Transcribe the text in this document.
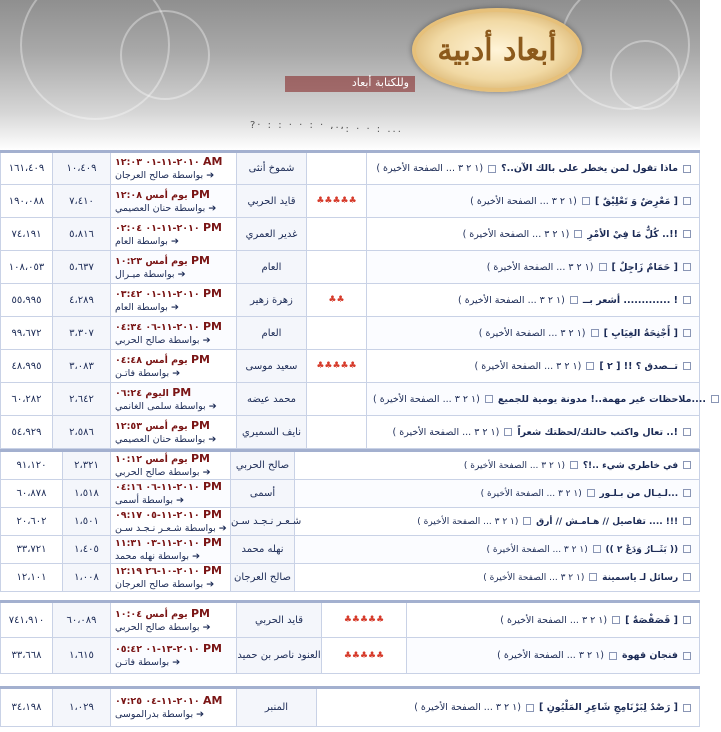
وللكتابة أبعاد
أبعاد أدبية
?· : : · · : · ...
· ·: · · : ...
١٦١،٤٠٩	١٠،٤٠٩	٢٠١٠-١١-٠١ ١٢:٠٣ AM
بواسطة صالح العرجان ➔	شموخ أنثى		( ١ ٢ ٣ ... الصفحة الأخيرة) ماذا تقول لمن يخطر على بالك الآن..؟
١٩٠،٠٨٨	٧،٤١٠	يوم أمس ١٢:٠٨ PM
بواسطة حنان العصيمي ➔	قايد الحربي	♣♣♣♣♣	( ١ ٢ ٣ ... الصفحة الأخيرة) [ مَعْرِضٌ وَ تَعْلِيْقٌ ]
٧٤،١٩١	٥،٨١٦	٢٠١٠-١١-٠١ ٠٢:٠٤ PM
بواسطة العام ➔	غدير العمري		( ١ ٢ ٣ ... الصفحة الأخيرة) كُلٌّ مَا فِيْ الأمْرِ ..!!
١٠٨،٠٥٣	٥،٦٣٧	يوم أمس ١٠:٢٣ PM
بواسطة ميـرال ➔	العام		( ١ ٢ ٣ ... الصفحة الأخيرة) [ حَمَامٌ زَاجِلٌ ]
٥٥،٩٩٥	٤،٢٨٩	٢٠١٠-١١-٠١ ٠٣:٤٢ PM
بواسطة العام ➔	زهرة زهير	♣♣	( ١ ٢ ٣ ... الصفحة الأخيرة) أشعر بــ ............. !
٩٩،٦٧٢	٣،٣٠٧	٢٠١٠-١١-٠٦ ٠٤:٣٤ PM
بواسطة صالح الحربي ➔	العام		( ١ ٢ ٣ ... الصفحة الأخيرة) [ أَجْنِحَةُ الغِيَابِ ]
٤٨،٩٩٥	٣،٠٨٣	يوم أمس ٠٤:٤٨ PM
بواسطة فاتـن ➔	سعيد موسى	♣♣♣♣♣	( ١ ٢ ٣ ... الصفحة الأخيرة) تــصدق ؟ !! [ ٢ ]
٦٠،٢٨٢	٢،٦٤٢	اليوم ٠٦:٢٤ PM
بواسطة سلمى الغانمي ➔	محمد عيضه		( ١ ٢ ٣ ... الصفحة الأخيرة) ملاحظات غير مهمة..! مدونة يومية للجميع....
٥٤،٩٢٩	٢،٥٨٦	يوم أمس ١٢:٥٣ PM
بواسطة حنان العصيمي ➔	نايف السميري		( ١ ٢ ٣ ... الصفحة الأخيرة) تعال واكتب حالتك/لحظتك شعراً ..!
٩١،١٢٠	٢،٣٢١	يوم أمس ١٠:١٢ PM
بواسطة صالح الحربي ➔	صالح الحربي	( ١ ٢ ٣ ... الصفحة الأخيرة) في خاطري شيء ..!؟
٦٠،٨٧٨	١،٥١٨	٢٠١٠-١١-٠٦ ٠٤:١٦ PM
بواسطة أسمى ➔	أسمى	( ١ ٢ ٣ ... الصفحة الأخيرة) لـيـال من بـلـور...
٢٠،٦٠٢	١،٥٠١	٢٠١٠-١١-٠٥ ٠٩:١٧ PM
بواسطة شـعـر نـجـد سـن ➔	شـعـر نـجـد سـن	( ١ ٢ ٣ ... الصفحة الأخيرة) تفاصيل // هـامـش // أرق .... !!!
٣٣،٧٢١	١،٤٠٥	٢٠١٠-١١-٠٣ ١١:٣١ PM
بواسطة نهله محمد ➔	نهله محمد	( ١ ٢ ٣ ... الصفحة الأخيرة) (( بَثَــارُ وَدَعْ ٢ ))
١٢،١٠١	١،٠٠٨	٢٠١٠-١٠-٢٦ ١٢:١٩ PM
بواسطة صالح العرجان ➔	صالح العرجان	( ١ ٢ ٣ ... الصفحة الأخيرة) رسائل لـ ياسمينة
٧٤١،٩١٠	٦٠،٠٨٩	يوم أمس ١٠:٠٤ PM
بواسطة صالح الحربي ➔	قايد الحربي	♣♣♣♣♣	( ١ ٢ ٣ ... الصفحة الأخيرة) [ قَصَقْصَةٌ ]
٣٣،٦٦٨	١،٦١٥	٢٠١٠-١٣-٠١ ٠٥:٤٢ PM
بواسطة فاتـن ➔	العنود ناصر بن حميد	♣♣♣♣♣	( ١ ٢ ٣ ... الصفحة الأخيرة) فنجان قهوة
٣٤،١٩٨	١،٠٢٩	
٢٠١٠-١١-٠٤ ٠٧:٢٥	AM
بواسطة بدرالموسى ➔
	المنبر	( ١ ٢ ٣ ... الصفحة الأخيرة) [ رَصْدٌ لِبَرْنَامِجِ شَاعِرِ المَلْيُونِ ]
